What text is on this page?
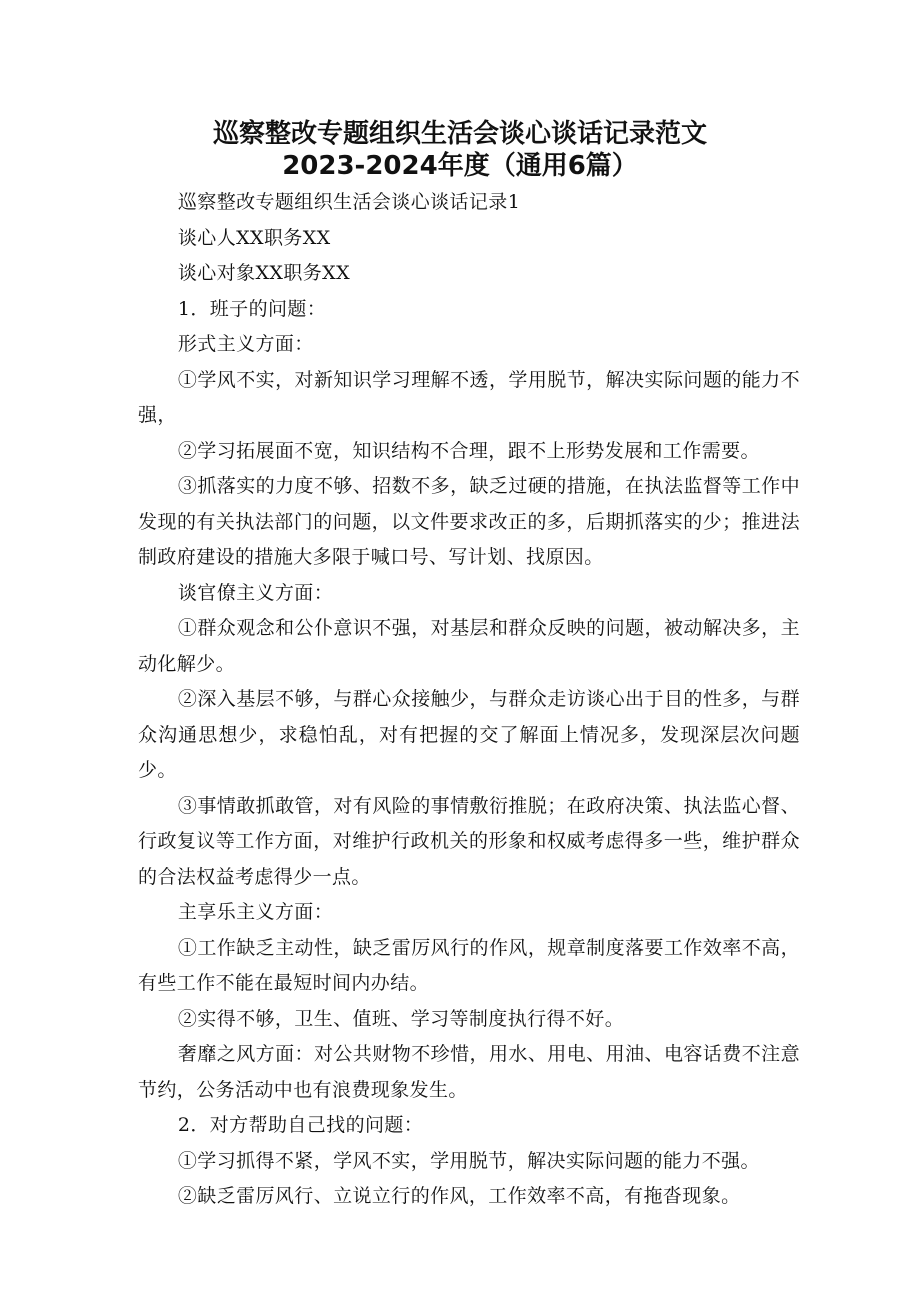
巡察整改专题组织生活会谈心谈话记录范文
2023-2024年度（通用6篇）

巡察整改专题组织生活会谈心谈话记录1

谈心人XX职务XX

谈心对象XX职务XX

1．班子的问题：

形式主义方面：

①学风不实，对新知识学习理解不透，学用脱节，解决实际问题的能力不强，

②学习拓展面不宽，知识结构不合理，跟不上形势发展和工作需要。

③抓落实的力度不够、招数不多，缺乏过硬的措施，在执法监督等工作中发现的有关执法部门的问题，以文件要求改正的多，后期抓落实的少；推进法制政府建设的措施大多限于喊口号、写计划、找原因。

谈官僚主义方面：

①群众观念和公仆意识不强，对基层和群众反映的问题，被动解决多，主动化解少。

②深入基层不够，与群心众接触少，与群众走访谈心出于目的性多，与群众沟通思想少，求稳怕乱，对有把握的交了解面上情况多，发现深层次问题少。

③事情敢抓敢管，对有风险的事情敷衍推脱；在政府决策、执法监心督、行政复议等工作方面，对维护行政机关的形象和权威考虑得多一些，维护群众的合法权益考虑得少一点。

主享乐主义方面：

①工作缺乏主动性，缺乏雷厉风行的作风，规章制度落要工作效率不高，有些工作不能在最短时间内办结。

②实得不够，卫生、值班、学习等制度执行得不好。

奢靡之风方面：对公共财物不珍惜，用水、用电、用油、电容话费不注意节约，公务活动中也有浪费现象发生。

2．对方帮助自己找的问题：

①学习抓得不紧，学风不实，学用脱节，解决实际问题的能力不强。

②缺乏雷厉风行、立说立行的作风，工作效率不高，有拖沓现象。
